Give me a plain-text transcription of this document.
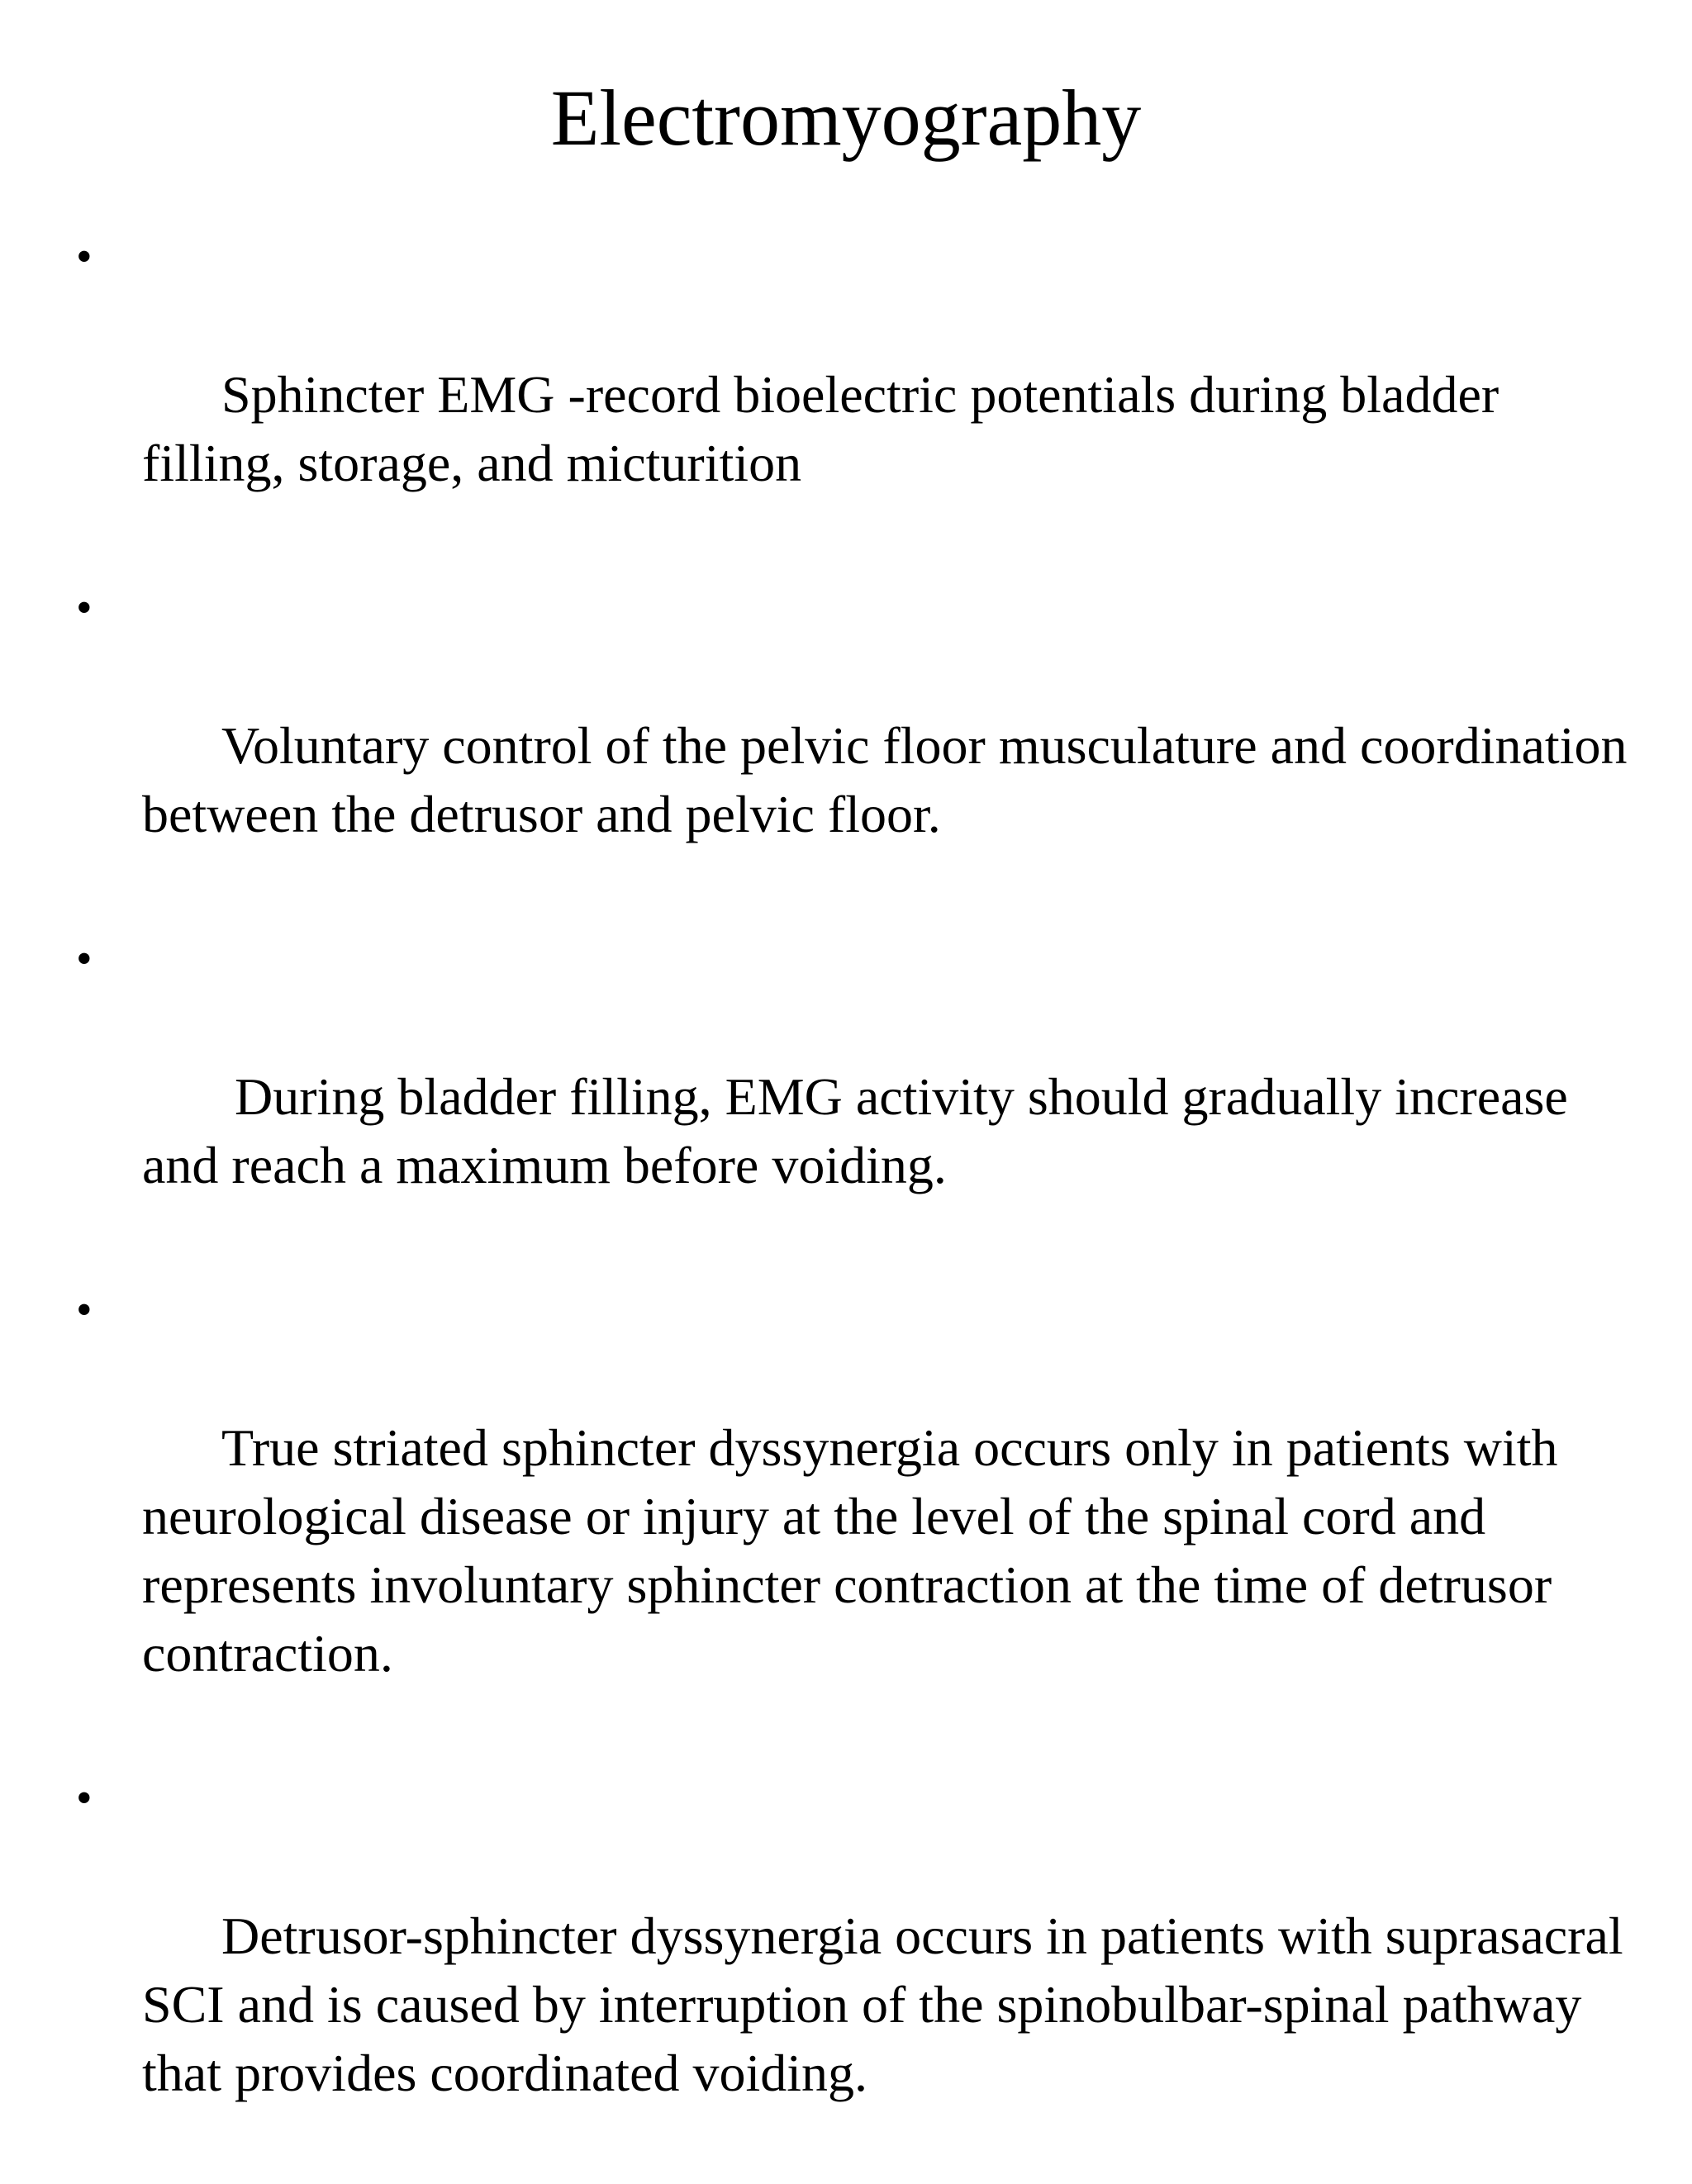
Electromyography

•

Sphincter EMG -record bioelectric potentials during bladder filling, storage, and micturition

•

Voluntary control of the pelvic floor musculature and coordination between the detrusor and pelvic floor.

•

During bladder filling, EMG activity should gradually increase and reach a maximum before voiding.

•

True striated sphincter dyssynergia occurs only in patients with neurological disease or injury at the level of the spinal cord and represents involuntary sphincter contraction at the time of detrusor contraction.

•

Detrusor-sphincter dyssynergia occurs in patients with suprasacral SCI and is caused by interruption of the spinobulbar-spinal pathway that provides coordinated voiding.
